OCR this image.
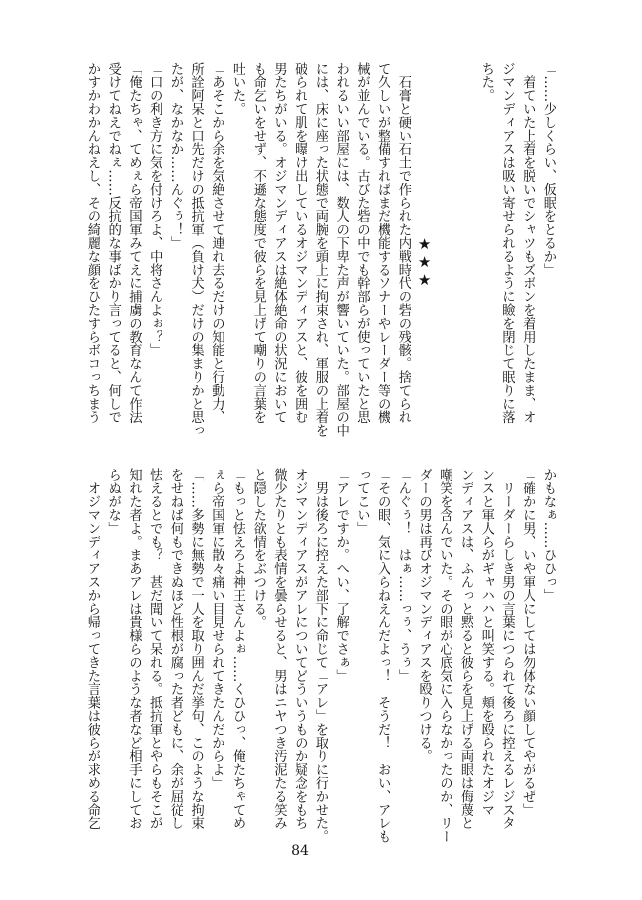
「……少しくらい、仮眠をとるか」
　着ていた上着を脱いでシャツもズボンを着用したまま、オ
ジマンディアスは吸い寄せられるように瞼を閉じて眠りに落
ちた。
★★★
　石膏と硬い石土で作られた内戦時代の砦の残骸。捨てられ
て久しいが整備すればまだ機能するソナーやレーダー等の機
械が並んでいる。古びた砦の中でも幹部らが使っていたと思
われるいい部屋には、数人の下卑た声が響いていた。部屋の中
には、床に座った状態で両腕を頭上に拘束され、軍服の上着を
破られて肌を曝け出しているオジマンディアスと、彼を囲む
男たちがいる。オジマンディアスは絶体絶命の状況において
も命乞いをせず、不遜な態度で彼らを見上げて嘲りの言葉を
吐いた。
「あそこから余を気絶させて連れ去るだけの知能と行動力、
所詮阿呆と口先だけの抵抗軍（負け犬）だけの集まりかと思っ
たが、なかなか……んぐぅ！」
「口の利き方に気を付けろよ、中将さんよぉ？」
「俺たちゃ、てめぇら帝国軍みてえに捕虜の教育なんて作法
受けてねえでねぇ……反抗的な事ばかり言ってると、何しで
かすかわかんねえし、その綺麗な顔をひたすらボコっちまう
かもなぁ……ひひっ」
「確かに男、いや軍人にしては勿体ない顔してやがるぜ」
　リーダーらしき男の言葉につられて後ろに控えるレジスタ
ンスと軍人らがギャハハと叫笑する。頬を殴られたオジマ
ンディアスは、ふんっと黙ると彼らを見上げる両眼は侮蔑と
嘲笑を含んでいた。その眼が心底気に入らなかったのか、リー
ダーの男は再びオジマンディアスを殴りつける。
「んぐぅ！　はぁ……っぅ、うぅ」
「その眼、気に入らねえんだよっ！　そうだ！　おい、アレも
ってこい」
「アレですか。へい、了解でさぁ」
　男は後ろに控えた部下に命じて「アレ」を取りに行かせた。
オジマンディアスがアレについてどういうものか疑念をもち
微少たりとも表情を曇らせると、男はニヤつき汚泥たる笑み
と隠した欲情をぶつける。
「もっと怯えろよ神王さんよぉ……くひひっ、俺たちゃてめ
ぇら帝国軍に散々痛い目見せられてきたんだからよ」
「……多勢に無勢で一人を取り囲んだ挙句、このような拘束
をせねば何もできぬほど性根が腐った者どもに、余が屈従し
怯えるとでも？　甚だ聞いて呆れる。抵抗軍とやらもそこが
知れた者よ。まあアレは貴様らのような者など相手にしてお
らぬがな」
　オジマンディアスから帰ってきた言葉は彼らが求める命乞
84
